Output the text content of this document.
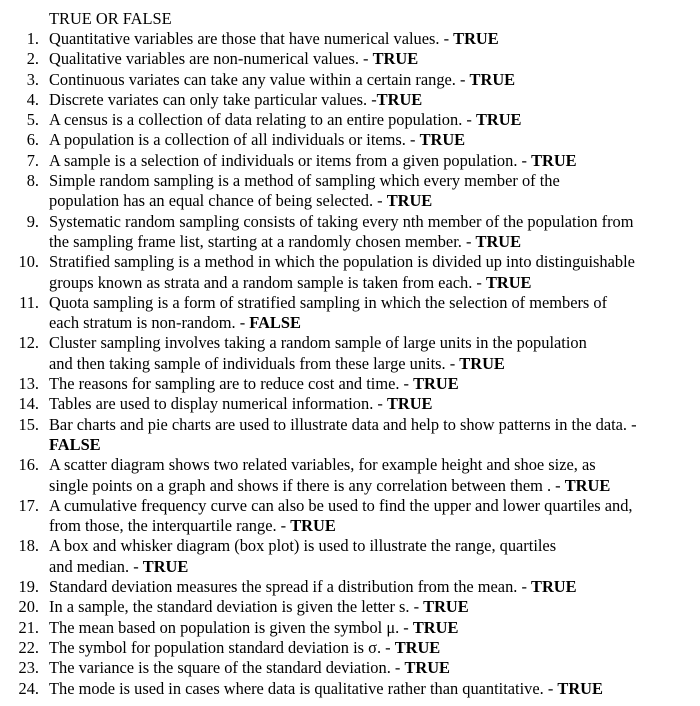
TRUE OR FALSE
1. Quantitative variables are those that have numerical values. - TRUE
2. Qualitative variables are non-numerical values. - TRUE
3. Continuous variates can take any value within a certain range. - TRUE
4. Discrete variates can only take particular values. -TRUE
5. A census is a collection of data relating to an entire population. - TRUE
6. A population is a collection of all individuals or items. - TRUE
7. A sample is a selection of individuals or items from a given population. - TRUE
8. Simple random sampling is a method of sampling which every member of the
population has an equal chance of being selected. - TRUE
9. Systematic random sampling consists of taking every nth member of the population from
the sampling frame list, starting at a randomly chosen member. - TRUE
10. Stratified sampling is a method in which the population is divided up into distinguishable
groups known as strata and a random sample is taken from each. - TRUE
11. Quota sampling is a form of stratified sampling in which the selection of members of
each stratum is non-random. - FALSE
12. Cluster sampling involves taking a random sample of large units in the population
and then taking sample of individuals from these large units. - TRUE
13. The reasons for sampling are to reduce cost and time. - TRUE
14. Tables are used to display numerical information. - TRUE
15. Bar charts and pie charts are used to illustrate data and help to show patterns in the data. -
FALSE
16. A scatter diagram shows two related variables, for example height and shoe size, as
single points on a graph and shows if there is any correlation between them . - TRUE
17. A cumulative frequency curve can also be used to find the upper and lower quartiles and,
from those, the interquartile range. - TRUE
18. A box and whisker diagram (box plot) is used to illustrate the range, quartiles
and median. - TRUE
19. Standard deviation measures the spread if a distribution from the mean. - TRUE
20. In a sample, the standard deviation is given the letter s. - TRUE
21. The mean based on population is given the symbol μ. - TRUE
22. The symbol for population standard deviation is σ. - TRUE
23. The variance is the square of the standard deviation. - TRUE
24. The mode is used in cases where data is qualitative rather than quantitative. - TRUE
